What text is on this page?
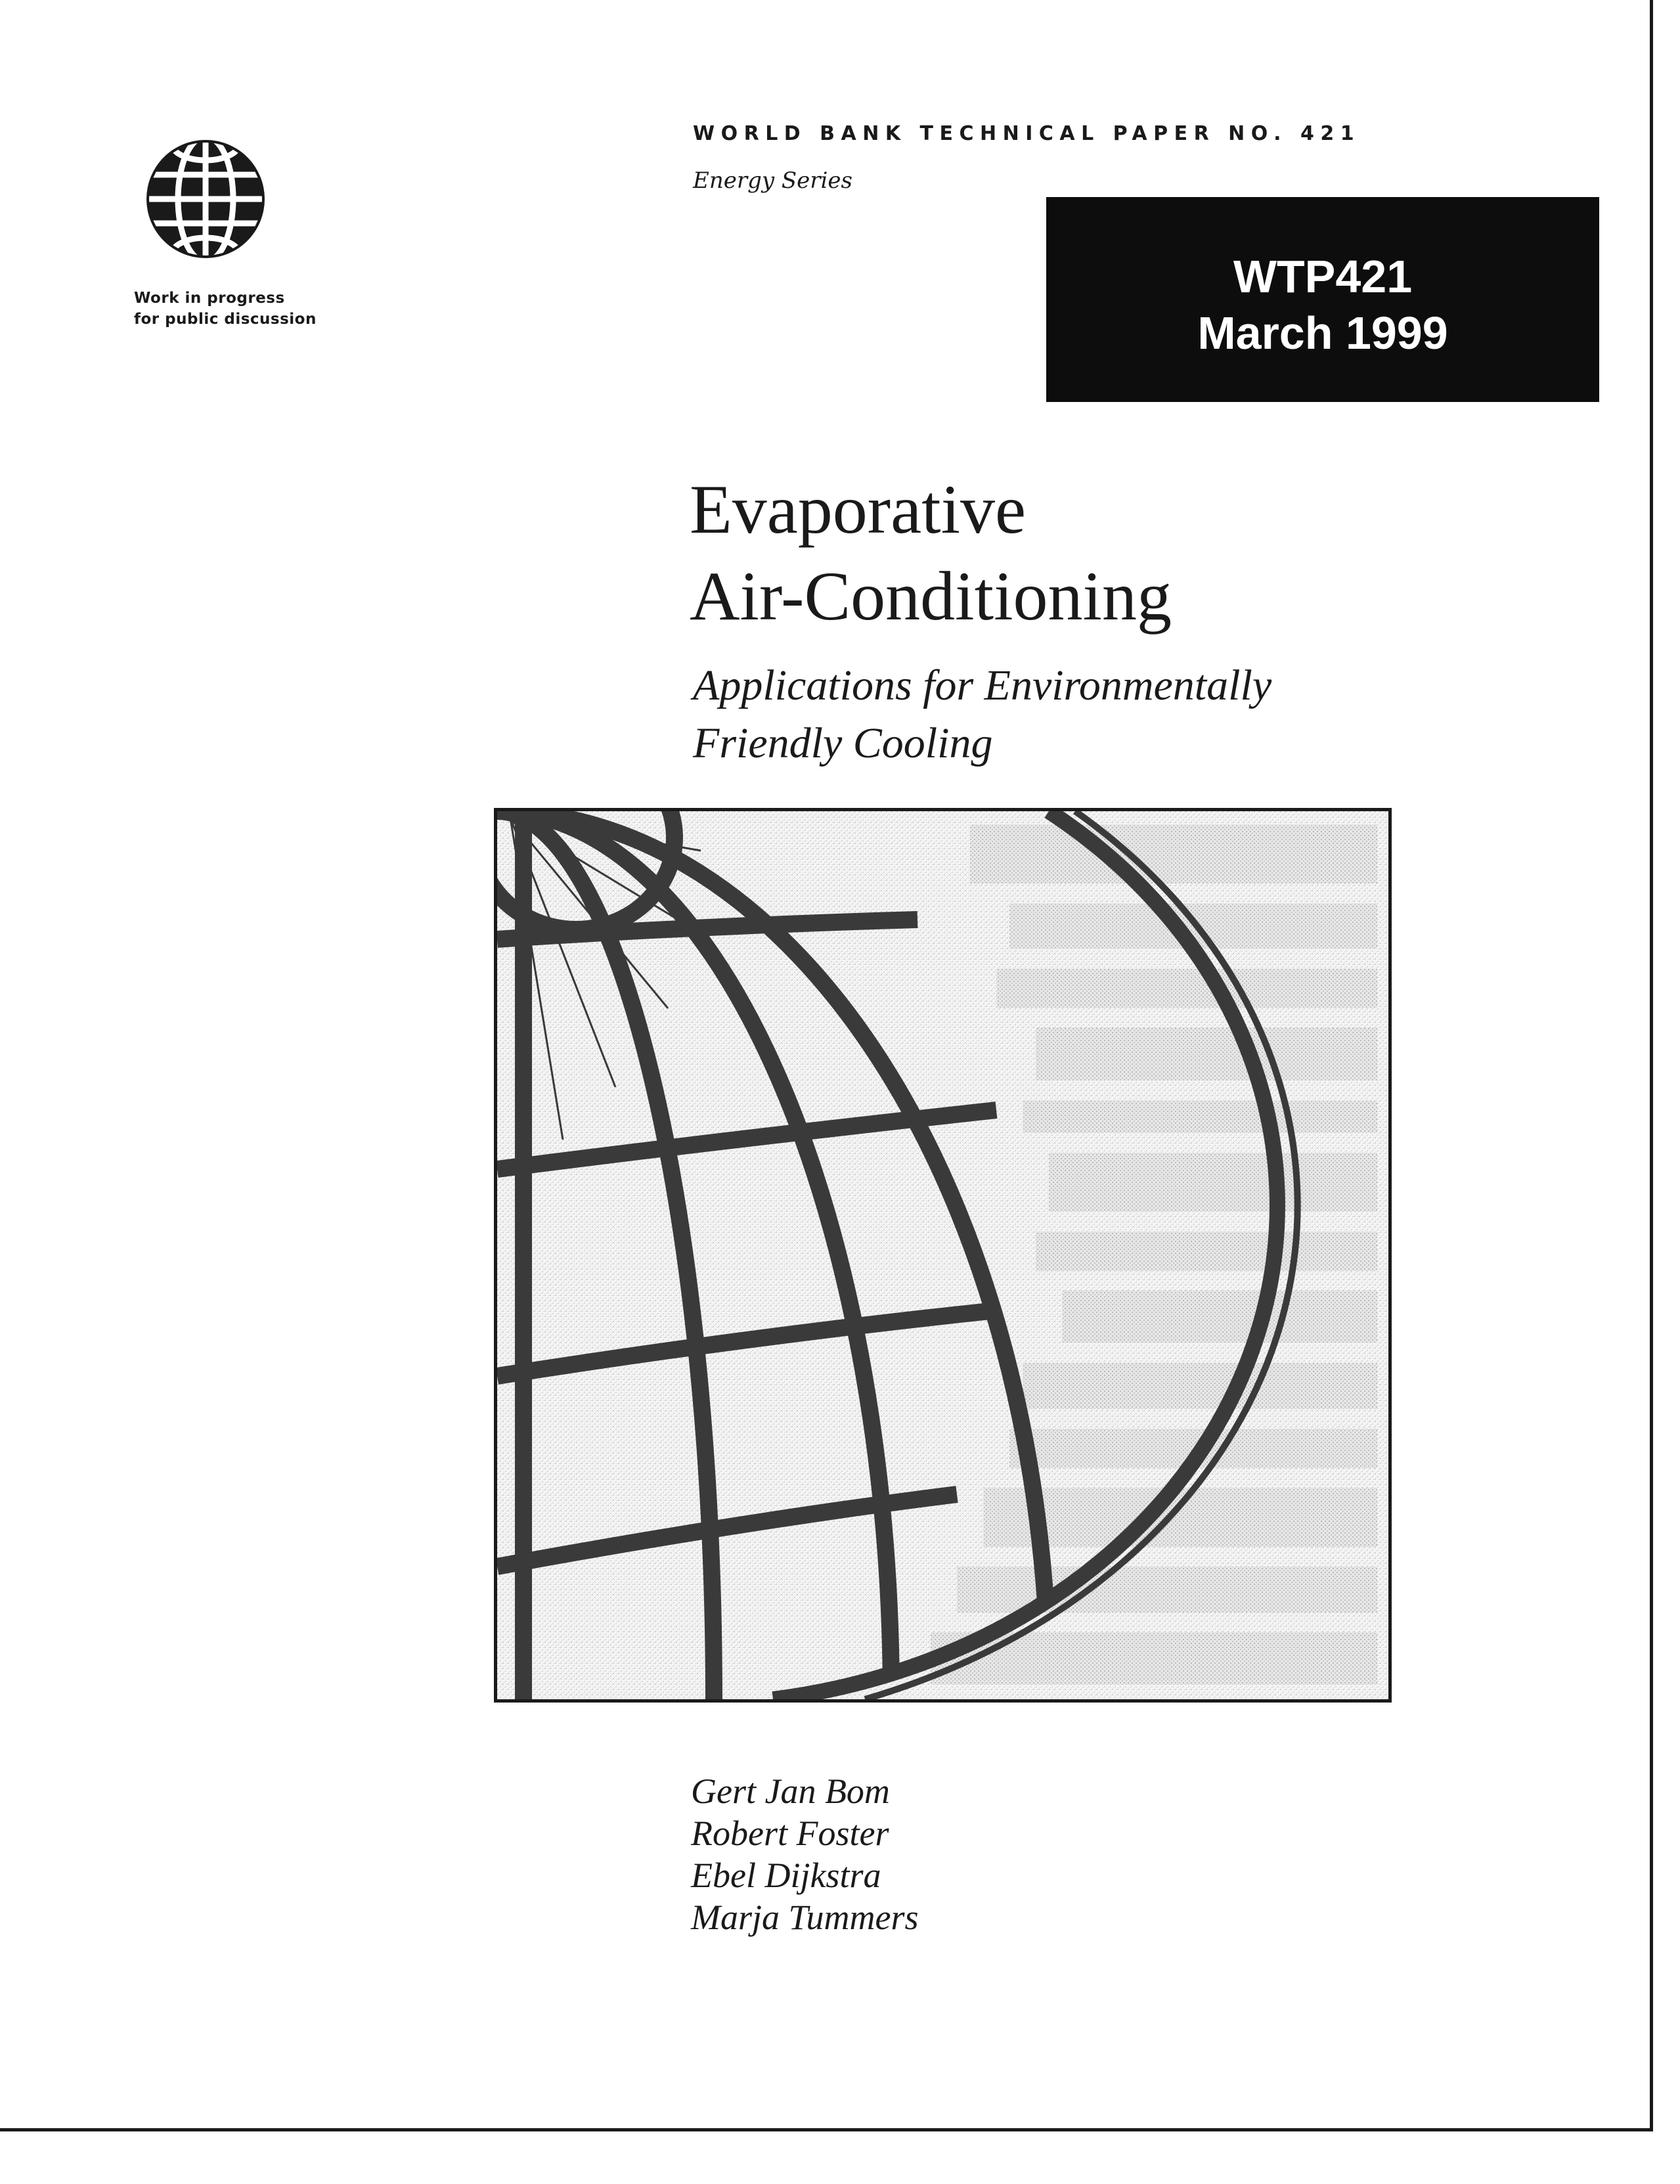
Work in progress
for public discussion
WORLD BANK TECHNICAL PAPER NO. 421
Energy Series
WTP421
March 1999
Evaporative
Air-Conditioning
Applications for Environmentally
Friendly Cooling
Gert Jan Bom
Robert Foster
Ebel Dijkstra
Marja Tummers
